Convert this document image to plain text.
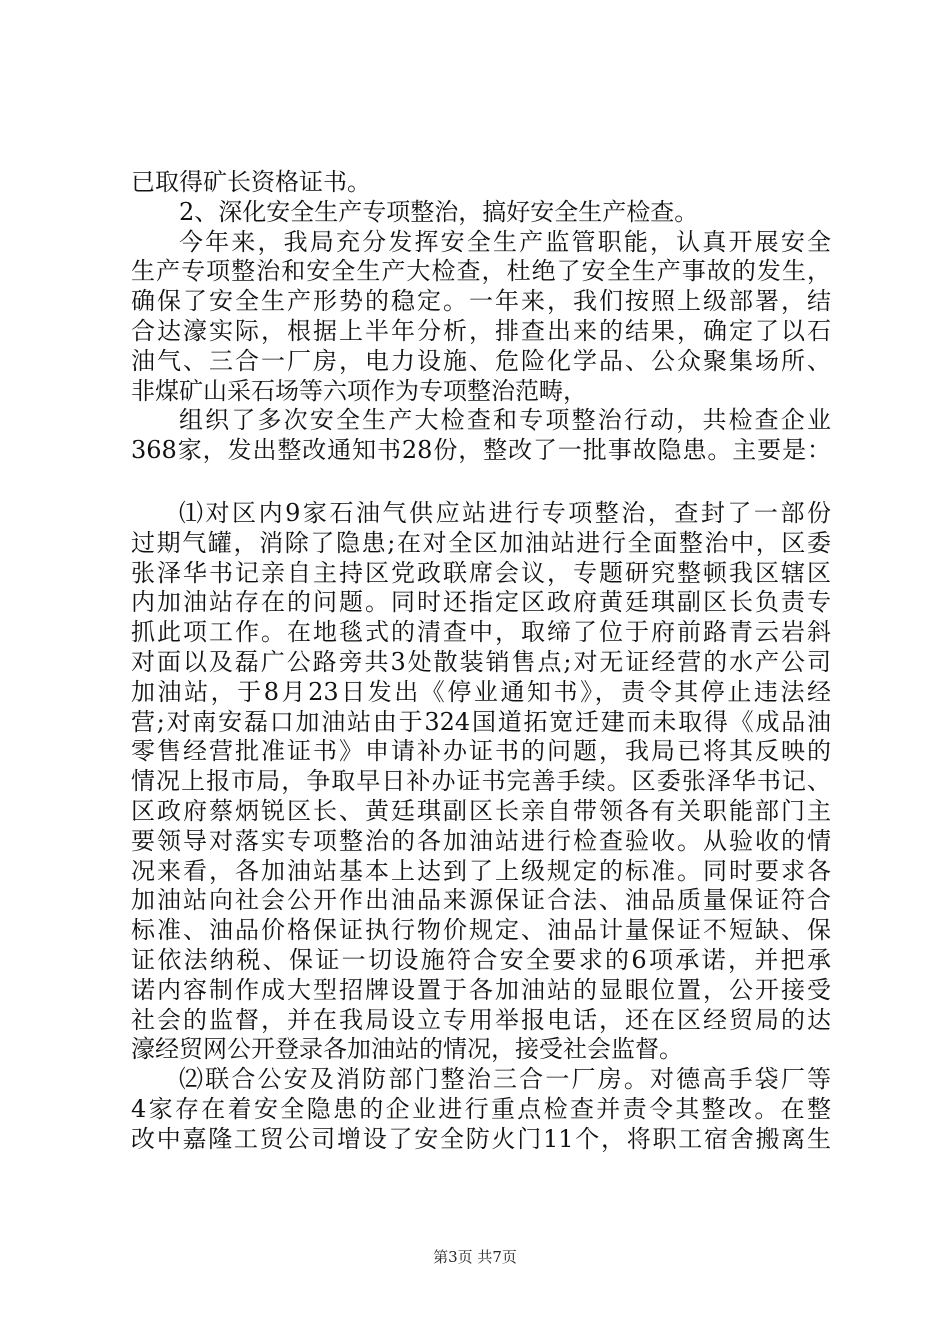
已取得矿长资格证书。
2、深化安全生产专项整治，搞好安全生产检查。
今年来，我局充分发挥安全生产监管职能，认真开展安全
生产专项整治和安全生产大检查，杜绝了安全生产事故的发生，
确保了安全生产形势的稳定。一年来，我们按照上级部署，结
合达濠实际，根据上半年分析，排查出来的结果，确定了以石
油气、三合一厂房，电力设施、危险化学品、公众聚集场所、
非煤矿山采石场等六项作为专项整治范畴，
组织了多次安全生产大检查和专项整治行动，共检查企业
368家，发出整改通知书28份，整改了一批事故隐患。主要是：
⑴对区内9家石油气供应站进行专项整治，查封了一部份
过期气罐，消除了隐患;在对全区加油站进行全面整治中，区委
张泽华书记亲自主持区党政联席会议，专题研究整顿我区辖区
内加油站存在的问题。同时还指定区政府黄廷琪副区长负责专
抓此项工作。在地毯式的清查中，取缔了位于府前路青云岩斜
对面以及磊广公路旁共3处散装销售点;对无证经营的水产公司
加油站，于8月23日发出《停业通知书》，责令其停止违法经
营;对南安磊口加油站由于324国道拓宽迁建而未取得《成品油
零售经营批准证书》申请补办证书的问题，我局已将其反映的
情况上报市局，争取早日补办证书完善手续。区委张泽华书记、
区政府蔡炳锐区长、黄廷琪副区长亲自带领各有关职能部门主
要领导对落实专项整治的各加油站进行检查验收。从验收的情
况来看，各加油站基本上达到了上级规定的标准。同时要求各
加油站向社会公开作出油品来源保证合法、油品质量保证符合
标准、油品价格保证执行物价规定、油品计量保证不短缺、保
证依法纳税、保证一切设施符合安全要求的6项承诺，并把承
诺内容制作成大型招牌设置于各加油站的显眼位置，公开接受
社会的监督，并在我局设立专用举报电话，还在区经贸局的达
濠经贸网公开登录各加油站的情况，接受社会监督。
⑵联合公安及消防部门整治三合一厂房。对德高手袋厂等
4家存在着安全隐患的企业进行重点检查并责令其整改。在整
改中嘉隆工贸公司增设了安全防火门11个，将职工宿舍搬离生
第3页 共7页
